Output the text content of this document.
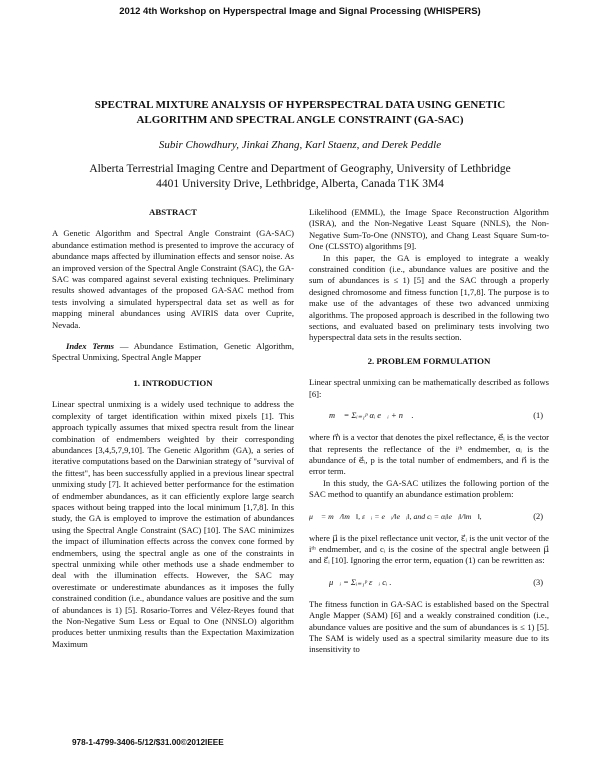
2012 4th Workshop on Hyperspectral Image and Signal Processing (WHISPERS)
SPECTRAL MIXTURE ANALYSIS OF HYPERSPECTRAL DATA USING GENETIC
ALGORITHM AND SPECTRAL ANGLE CONSTRAINT (GA-SAC)
Subir Chowdhury, Jinkai Zhang, Karl Staenz, and Derek Peddle
Alberta Terrestrial Imaging Centre and Department of Geography, University of Lethbridge
4401 University Drive, Lethbridge, Alberta, Canada T1K 3M4
ABSTRACT

A Genetic Algorithm and Spectral Angle Constraint (GA-SAC) abundance estimation method is presented to improve the accuracy of abundance maps affected by illumination effects and sensor noise. As an improved version of the Spectral Angle Constraint (SAC), the GA-SAC was compared against several existing techniques. Preliminary results showed advantages of the proposed GA-SAC method from tests involving a simulated hyperspectral data set as well as for mapping mineral abundances using AVIRIS data over Cuprite, Nevada.

Index Terms — Abundance Estimation, Genetic Algorithm, Spectral Unmixing, Spectral Angle Mapper

1. INTRODUCTION

Linear spectral unmixing is a widely used technique to address the complexity of target identification within mixed pixels [1]. This approach typically assumes that mixed spectra result from the linear combination of endmembers weighted by their corresponding abundances [3,4,5,7,9,10]. The Genetic Algorithm (GA), a series of iterative computations based on the Darwinian strategy of "survival of the fittest", has been successfully applied in a previous linear spectral unmixing study [7]. It achieved better performance for the estimation of endmember abundances, as it can efficiently explore large search spaces without being trapped into the local minimum [1,7,8]. In this study, the GA is employed to improve the estimation of abundances using the Spectral Angle Constraint (SAC) [10]. The SAC minimizes the impact of illumination effects across the convex cone formed by endmembers, using the spectral angle as one of the constraints in spectral unmixing while other methods use a shade endmember to deal with the illumination effects. However, the SAC may overestimate or underestimate abundances as it imposes the fully constrained condition (i.e., abundance values are positive and the sum of abundances is 1) [5]. Rosario-Torres and Vélez-Reyes found that the Non-Negative Sum Less or Equal to One (NNSLO) algorithm produces better unmixing results than the Expectation Maximization Maximum

Likelihood (EMML), the Image Space Reconstruction Algorithm (ISRA), and the Non-Negative Least Square (NNLS), the Non-Negative Sum-To-One (NNSTO), and Chang Least Square Sum-to-One (CLSSTO) algorithms [9].

In this paper, the GA is employed to integrate a weakly constrained condition (i.e., abundance values are positive and the sum of abundances is ≤ 1) [5] and the SAC through a properly designed chromosome and fitness function [1,7,8]. The purpose is to make use of the advantages of these two advanced unmixing algorithms. The proposed approach is described in the following two sections, and evaluated based on preliminary tests involving two hyperspectral data sets in the results section.

2. PROBLEM FORMULATION

Linear spectral unmixing can be mathematically described as follows [6]:

m⃗ = Σᵢ₌₁ᵖ αᵢ e⃗ᵢ + n⃗ .	(1)

where m⃗ is a vector that denotes the pixel reflectance, e⃗ᵢ is the vector that represents the reflectance of the iᵗʰ endmember, αᵢ is the abundance of e⃗ᵢ, p is the total number of endmembers, and n⃗ is the error term.

In this study, the GA-SAC utilizes the following portion of the SAC method to quantify an abundance estimation problem:

μ⃗ = m⃗/‖m⃗‖, ε⃗ᵢ = e⃗ᵢ/‖e⃗ᵢ‖, and cᵢ = αᵢ‖e⃗ᵢ‖/‖m⃗‖,	(2)

where μ⃗ is the pixel reflectance unit vector, ε⃗ᵢ is the unit vector of the iᵗʰ endmember, and cᵢ is the cosine of the spectral angle between μ⃗ and ε⃗ᵢ [10]. Ignoring the error term, equation (1) can be rewritten as:

μ⃗ᵢ = Σᵢ₌₁ᵖ ε⃗ᵢ cᵢ .	(3)

The fitness function in GA-SAC is established based on the Spectral Angle Mapper (SAM) [6] and a weakly constrained condition (i.e., abundance values are positive and the sum of abundances is ≤ 1) [5]. The SAM is widely used as a spectral similarity measure due to its insensitivity to

978-1-4799-3406-5/12/$31.00©2012IEEE
